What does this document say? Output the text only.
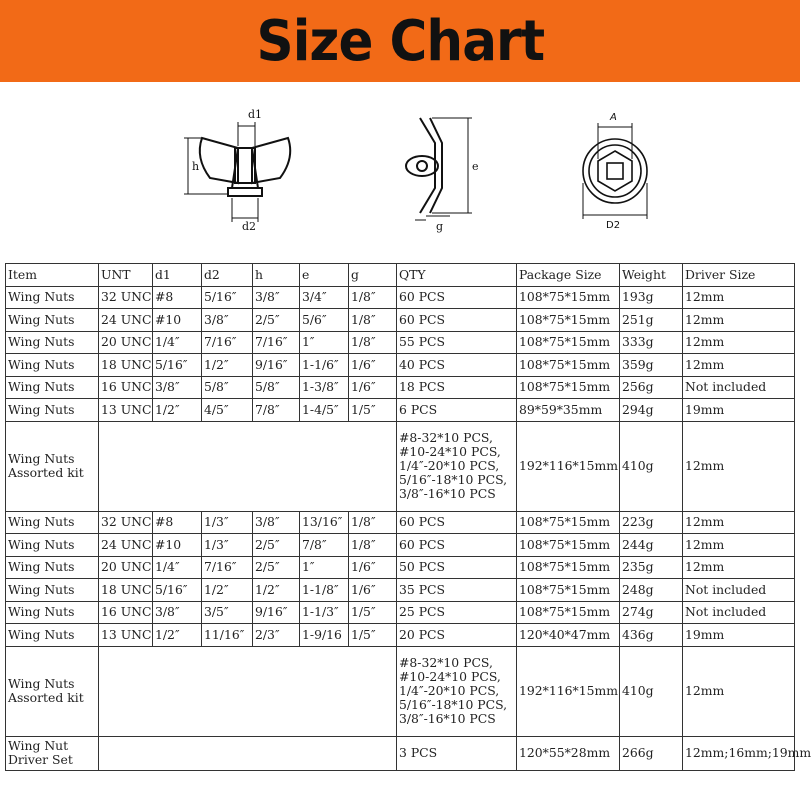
Size Chart
h
d1
d2
e
g
A
D2
Item	UNT	d1	d2	h	e	g	QTY	Package Size	Weight	Driver Size
Wing Nuts	32 UNC	#8	5/16″	3/8″	3/4″	1/8″	60 PCS	108*75*15mm	193g	12mm
Wing Nuts	24 UNC	#10	3/8″	2/5″	5/6″	1/8″	60 PCS	108*75*15mm	251g	12mm
Wing Nuts	20 UNC	1/4″	7/16″	7/16″	1″	1/8″	55 PCS	108*75*15mm	333g	12mm
Wing Nuts	18 UNC	5/16″	1/2″	9/16″	1-1/6″	1/6″	40 PCS	108*75*15mm	359g	12mm
Wing Nuts	16 UNC	3/8″	5/8″	5/8″	1-3/8″	1/6″	18 PCS	108*75*15mm	256g	Not included
Wing Nuts	13 UNC	1/2″	4/5″	7/8″	1-4/5″	1/5″	6 PCS	89*59*35mm	294g	19mm

Wing Nuts
Assorted kit							#8-32*10 PCS,
#10-24*10 PCS,
1/4″-20*10 PCS,
5/16″-18*10 PCS,
3/8″-16*10 PCS	192*116*15mm	410g	12mm
Wing Nuts	32 UNC	#8	1/3″	3/8″	13/16″	1/8″	60 PCS	108*75*15mm	223g	12mm
Wing Nuts	24 UNC	#10	1/3″	2/5″	7/8″	1/8″	60 PCS	108*75*15mm	244g	12mm
Wing Nuts	20 UNC	1/4″	7/16″	2/5″	1″	1/6″	50 PCS	108*75*15mm	235g	12mm
Wing Nuts	18 UNC	5/16″	1/2″	1/2″	1-1/8″	1/6″	35 PCS	108*75*15mm	248g	Not included
Wing Nuts	16 UNC	3/8″	3/5″	9/16″	1-1/3″	1/5″	25 PCS	108*75*15mm	274g	Not included
Wing Nuts	13 UNC	1/2″	11/16″	2/3″	1-9/16	1/5″	20 PCS	120*40*47mm	436g	19mm

Wing Nuts
Assorted kit							#8-32*10 PCS,
#10-24*10 PCS,
1/4″-20*10 PCS,
5/16″-18*10 PCS,
3/8″-16*10 PCS	192*116*15mm	410g	12mm

Wing Nut
Driver Set							3 PCS	120*55*28mm	266g	12mm;16mm;19mm
